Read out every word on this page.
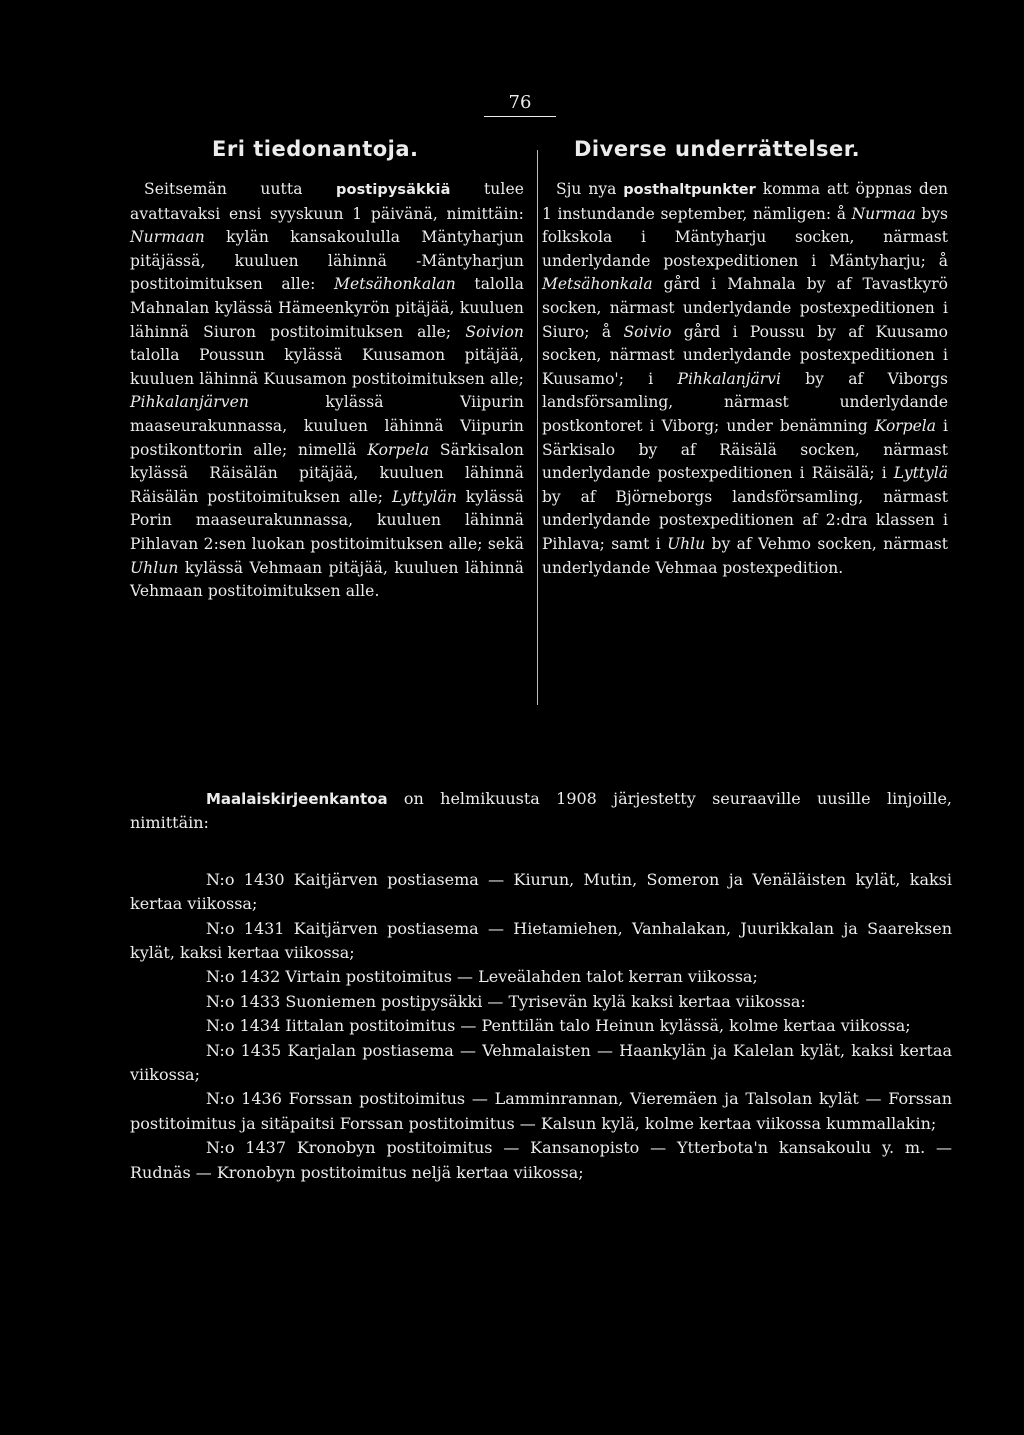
76
Eri tiedonantoja.

Seitsemän uutta postipysäkkiä tulee avattavaksi ensi syyskuun 1 päivänä, nimittäin: Nurmaan kylän kansakoululla Mäntyharjun pitäjässä, kuuluen lähinnä -Mäntyharjun postitoimituksen alle: Metsähonkalan talolla Mahnalan kylässä Hämeenkyrön pitäjää, kuuluen lähinnä Siuron postitoimituksen alle; Soivion talolla Poussun kylässä Kuusamon pitäjää, kuuluen lähinnä Kuusamon postitoimituksen alle; Pihkalanjärven kylässä Viipurin maaseurakunnassa, kuuluen lähinnä Viipurin postikonttorin alle; nimellä Korpela Särkisalon kylässä Räisälän pitäjää, kuuluen lähinnä Räisälän postitoimituksen alle; Lyttylän kylässä Porin maaseurakunnassa, kuuluen lähinnä Pihlavan 2:sen luokan postitoimituksen alle; sekä Uhlun kylässä Vehmaan pitäjää, kuuluen lähinnä Vehmaan postitoimituksen alle.

Diverse underrättelser.

Sju nya posthaltpunkter komma att öppnas den 1 instundande september, nämligen: å Nurmaa bys folkskola i Mäntyharju socken, närmast underlydande postexpeditionen i Mäntyharju; å Metsähonkala gård i Mahnala by af Tavastkyrö socken, närmast underlydande postexpeditionen i Siuro; å Soivio gård i Poussu by af Kuusamo socken, närmast underlydande postexpeditionen i Kuusamo'; i Pihkalanjärvi by af Viborgs landsförsamling, närmast underlydande postkontoret i Viborg; under benämning Korpela i Särkisalo by af Räisälä socken, närmast underlydande postexpeditionen i Räisälä; i Lyttylä by af Björneborgs landsförsamling, närmast underlydande postexpeditionen af 2:dra klassen i Pihlava; samt i Uhlu by af Vehmo socken, närmast underlydande Vehmaa postexpedition.

Maalaiskirjeenkantoa on helmikuusta 1908 järjestetty seuraaville uusille linjoille, nimittäin:

N:o 1430 Kaitjärven postiasema — Kiurun, Mutin, Someron ja Venäläisten kylät, kaksi kertaa viikossa;

N:o 1431 Kaitjärven postiasema — Hietamiehen, Vanhalakan, Juurikkalan ja Saareksen kylät, kaksi kertaa viikossa;

N:o 1432 Virtain postitoimitus — Leveälahden talot kerran viikossa;

N:o 1433 Suoniemen postipysäkki — Tyrisevän kylä kaksi kertaa viikossa:

N:o 1434 Iittalan postitoimitus — Penttilän talo Heinun kylässä, kolme kertaa viikossa;

N:o 1435 Karjalan postiasema — Vehmalaisten — Haankylän ja Kalelan kylät, kaksi kertaa viikossa;

N:o 1436 Forssan postitoimitus — Lamminrannan, Vieremäen ja Talsolan kylät — Forssan postitoimitus ja sitäpaitsi Forssan postitoimitus — Kalsun kylä, kolme kertaa viikossa kummallakin;

N:o 1437 Kronobyn postitoimitus — Kansanopisto — Ytterbota'n kansakoulu y. m. — Rudnäs — Kronobyn postitoimitus neljä kertaa viikossa;
